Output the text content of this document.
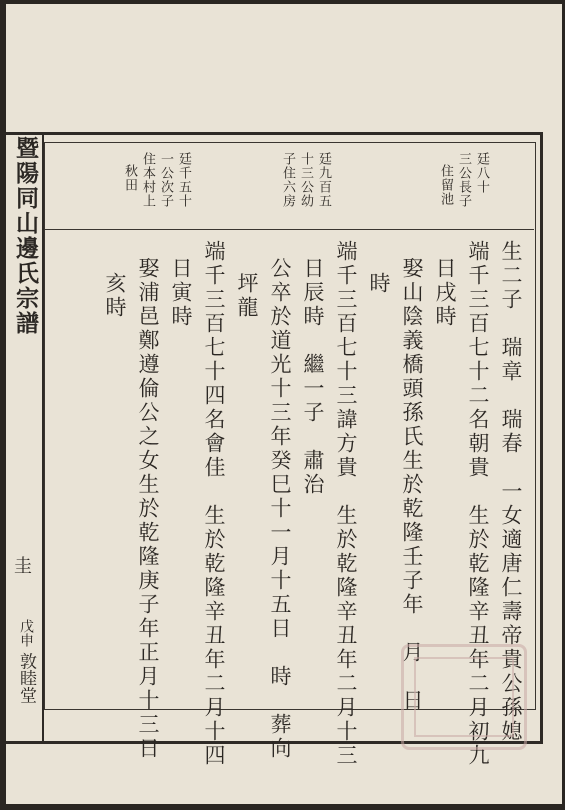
暨陽同山邊氏宗譜
圭
戊申 敦睦堂
廷八十
三公長子
住留池
廷九百五
十三公幼
子住六房
廷千五十
一公次子
住本村上
秋田
生二子　瑞章　瑞春　一女適唐仁壽帝貴公孫媳
端千三百七十二名朝貴　生於乾隆辛丑年二月初九
日戌時
娶山陰義橋頭孫氏生於乾隆壬子年　月　日
時
端千三百七十三諱方貴　生於乾隆辛丑年二月十三
日辰時　繼一子　肅治
公卒於道光十三年癸巳十一月十五日　時　葬向
坪龍
端千三百七十四名會佳　生於乾隆辛丑年二月十四
日寅時
娶浦邑鄭遵倫公之女生於乾隆庚子年正月十三日
亥時
